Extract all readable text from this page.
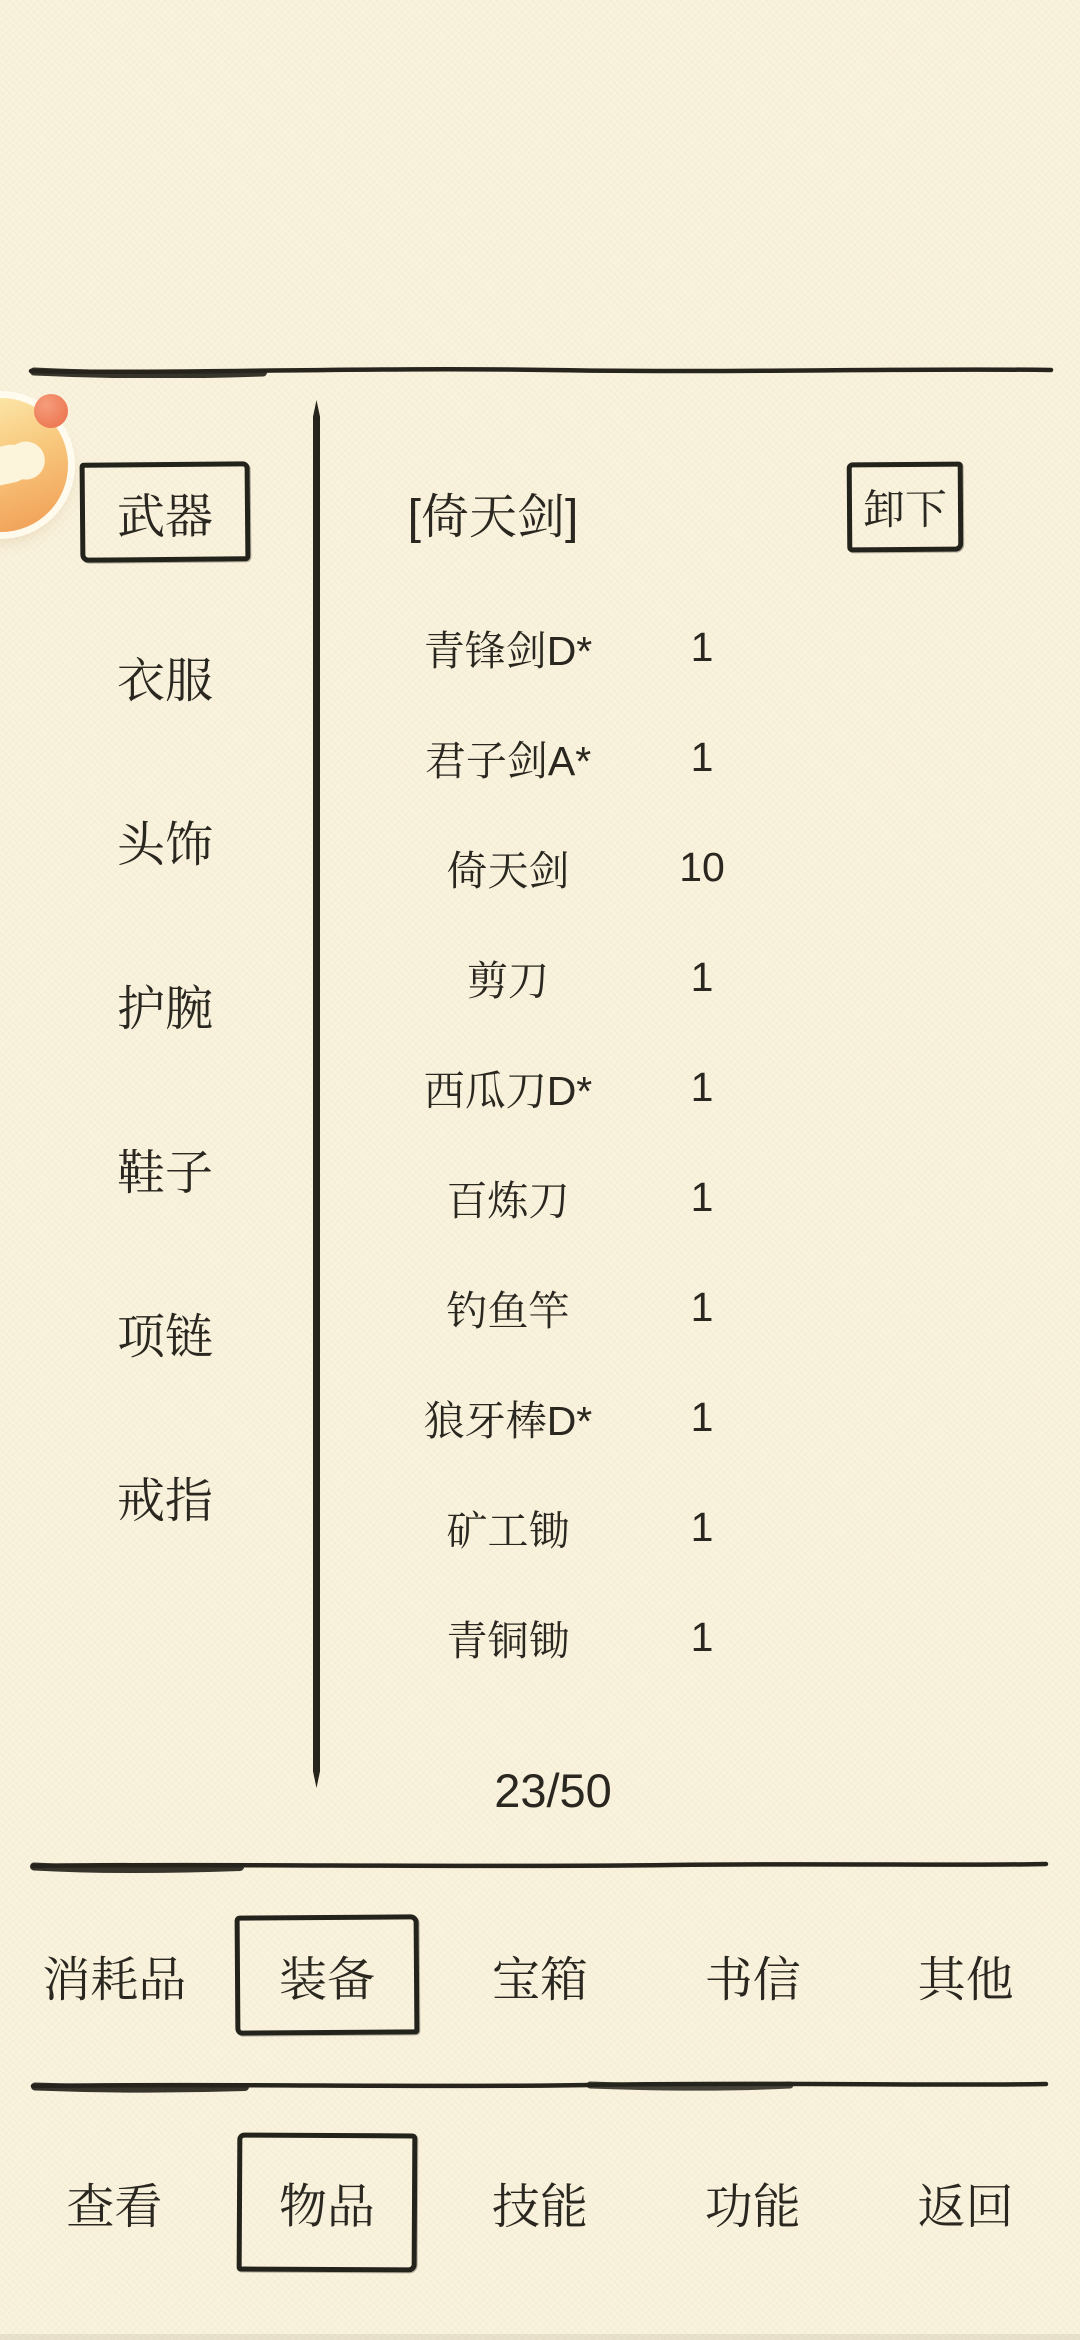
武器
衣服
头饰
护腕
鞋子
项链
戒指
[倚天剑]	卸下
青锋剑D*	1
君子剑A*	1
倚天剑	10
剪刀	1
西瓜刀D*	1
百炼刀	1
钓鱼竿	1
狼牙棒D*	1
矿工锄	1
青铜锄	1
23/50
消耗品	装备	宝箱 书信 其他
查看	物品	技能 功能 返回
